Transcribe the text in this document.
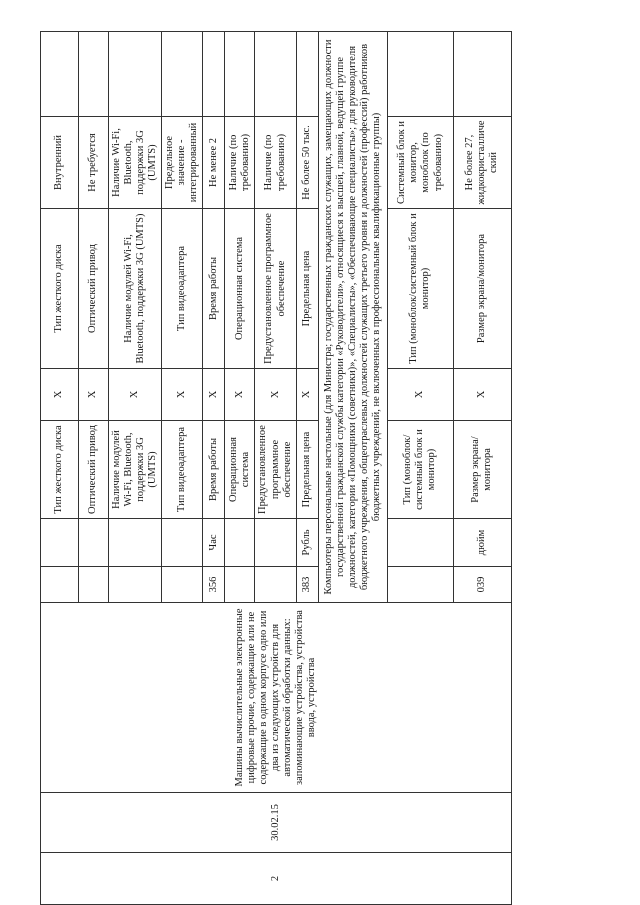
2	30.02.15	Машины вычислительные электронные цифровые прочие, содержащие или не содержащие в одном корпусе одно или два из следующих устройств для автоматической обработки данных: запоминающие устройства, устройства ввода, устройства			Тип жесткого диска	Х	Тип жесткого диска	Внутренний	
					Оптический привод	Х	Оптический привод	Не требуется	
					Наличие модулей Wi-Fi, Bluetooth, поддержки 3G (UMTS)	Х	Наличие модулей Wi-Fi, Bluetooth, поддержки 3G (UMTS)	Наличие Wi-Fi, Bluetooth, поддержки 3G (UMTS)	
					Тип видеоадаптера	Х	Тип видеоадаптера	Предельное значение - интегрированный	
			356	Час	Время работы	Х	Время работы	Не менее 2	
					Операционная система	Х	Операционная система	Наличие (по требованию)	
					Предустановленное программное обеспечение	Х	Предустановленное программное обеспечение	Наличие (по требованию)	
			383	Рубль	Предельная цена	Х	Предельная цена	Не более 50 тыс.	
			Компьютеры персональные настольные (для Министра; государственных гражданских служащих, замещающих должности государственной гражданской службы категории «Руководители», относящиеся к высшей, главной, ведущей группе должностей, категории «Помощники (советники)», «Специалисты», «Обеспечивающие специалисты»; для руководителя бюджетного учреждения, общеотраслевых должностей служащих третьего уровня и должностей (профессий) работников бюджетных учреждений, не включенных в профессиональные квалификационные группы)						
					Тип (моноблок/системный блок и монитор)	Х	Тип (моноблок/системный блок и монитор)	Системный блок и монитор, моноблок (по требованию)	
			039	дюйм	Размер экрана/монитора	Х	Размер экрана/монитора	Не более 27, жидкокристаллический	
